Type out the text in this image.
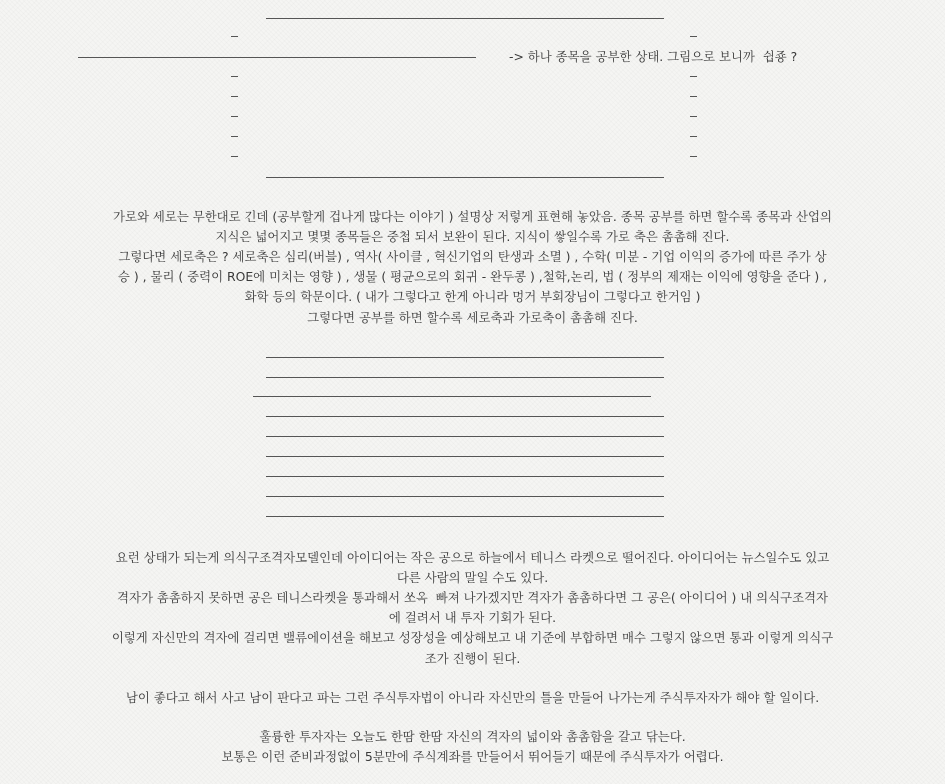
-> 하나 종목을 공부한 상태. 그림으로 보니까  쉽죵 ?

가로와 세로는 무한대로 긴데 (공부할게 겁나게 많다는 이야기 ) 설명상 저렇게 표현해 놓았음. 종목 공부를 하면 할수록 종목과 산업의

지식은 넓어지고 몇몇 종목들은 중첩 되서 보완이 된다. 지식이 쌓일수록 가로 축은 촘촘해 진다.

그렇다면 세로축은 ? 세로축은 심리(버블) , 역사( 사이클 , 혁신기업의 탄생과 소멸 ) , 수학( 미분 - 기업 이익의 증가에 따른 주가 상

승 ) , 물리 ( 중력이 ROE에 미치는 영향 ) , 생물 ( 평균으로의 회귀 - 완두콩 ) ,철학,논리, 법 ( 정부의 제재는 이익에 영향을 준다 ) ,

화학 등의 학문이다. ( 내가 그렇다고 한게 아니라 멍거 부회장님이 그렇다고 한거임 )

그렇다면 공부를 하면 할수록 세로축과 가로축이 촘촘해 진다.

요런 상태가 되는게 의식구조격자모델인데 아이디어는 작은 공으로 하늘에서 테니스 라켓으로 떨어진다. 아이디어는 뉴스일수도 있고

다른 사람의 말일 수도 있다.

격자가 촘촘하지 못하면 공은 테니스라켓을 통과해서 쏘옥  빠져 나가겠지만 격자가 촘촘하다면 그 공은( 아이디어 ) 내 의식구조격자

에 걸려서 내 투자 기회가 된다.

이렇게 자신만의 격자에 걸리면 밸류에이션을 해보고 성장성을 예상해보고 내 기준에 부합하면 매수 그렇지 않으면 통과 이렇게 의식구

조가 진행이 된다.

남이 좋다고 해서 사고 남이 판다고 파는 그런 주식투자법이 아니라 자신만의 틀을 만들어 나가는게 주식투자자가 해야 할 일이다.

훌륭한 투자자는 오늘도 한땀 한땀 자신의 격자의 넓이와 촘촘함을 갈고 닦는다.

보통은 이런 준비과정없이 5분만에 주식계좌를 만들어서 뛰어들기 때문에 주식투자가 어렵다.
